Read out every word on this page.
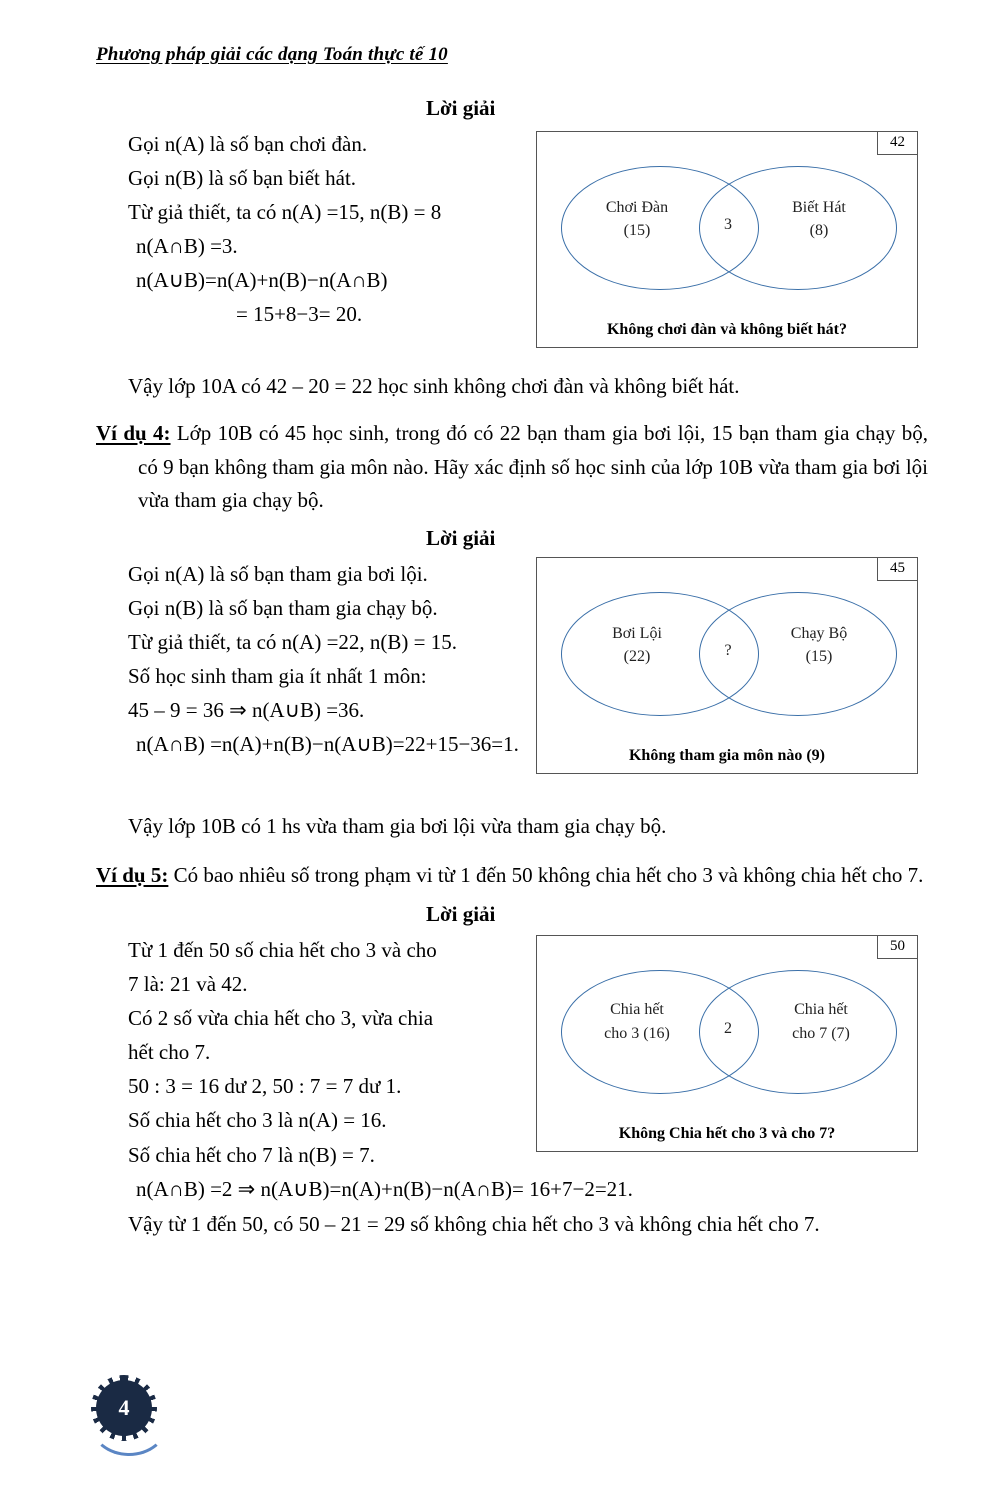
Phương pháp giải các dạng Toán thực tế 10
Lời giải
Gọi n(A) là số bạn chơi đàn.
Gọi n(B) là số bạn biết hát.
Từ giả thiết, ta có n(A) =15, n(B) = 8
n(A∩B) =3.
n(A∪B)=n(A)+n(B)−n(A∩B)
= 15+8−3= 20.
42
Chơi Đàn
(15)
Biết Hát
(8)
3
Không chơi đàn và không biết hát?
Vậy lớp 10A có 42 – 20 = 22 học sinh không chơi đàn và không biết hát.
Ví dụ 4: Lớp 10B có 45 học sinh, trong đó có 22 bạn tham gia bơi lội, 15 bạn tham gia chạy bộ, có 9 bạn không tham gia môn nào. Hãy xác định số học sinh của lớp 10B vừa tham gia bơi lội vừa tham gia chạy bộ.
Lời giải
Gọi n(A) là số bạn tham gia bơi lội.
Gọi n(B) là số bạn tham gia chạy bộ.
Từ giả thiết, ta có n(A) =22, n(B) = 15.
Số học sinh tham gia ít nhất 1 môn:
45 – 9 = 36 ⇒ n(A∪B) =36.
n(A∩B) =n(A)+n(B)−n(A∪B)=22+15−36=1.
45
Bơi Lội
(22)
Chạy Bộ
(15)
?
Không tham gia môn nào (9)
Vậy lớp 10B có 1 hs vừa tham gia bơi lội vừa tham gia chạy bộ.
Ví dụ 5: Có bao nhiêu số trong phạm vi từ 1 đến 50 không chia hết cho 3 và không chia hết cho 7.
Lời giải
Từ 1 đến 50 số chia hết cho 3 và cho
7 là: 21 và 42.
Có 2 số vừa chia hết cho 3, vừa chia
hết cho 7.
50 : 3 = 16 dư 2, 50 : 7 = 7 dư 1.
Số chia hết cho 3 là n(A) = 16.
Số chia hết cho 7 là n(B) = 7.
n(A∩B) =2 ⇒ n(A∪B)=n(A)+n(B)−n(A∩B)= 16+7−2=21.
50
Chia hết
cho 3 (16)
Chia hết
cho 7 (7)
2
Không Chia hết cho 3 và cho 7?
Vậy từ 1 đến 50, có 50 – 21 = 29 số không chia hết cho 3 và không chia hết cho 7.
4
